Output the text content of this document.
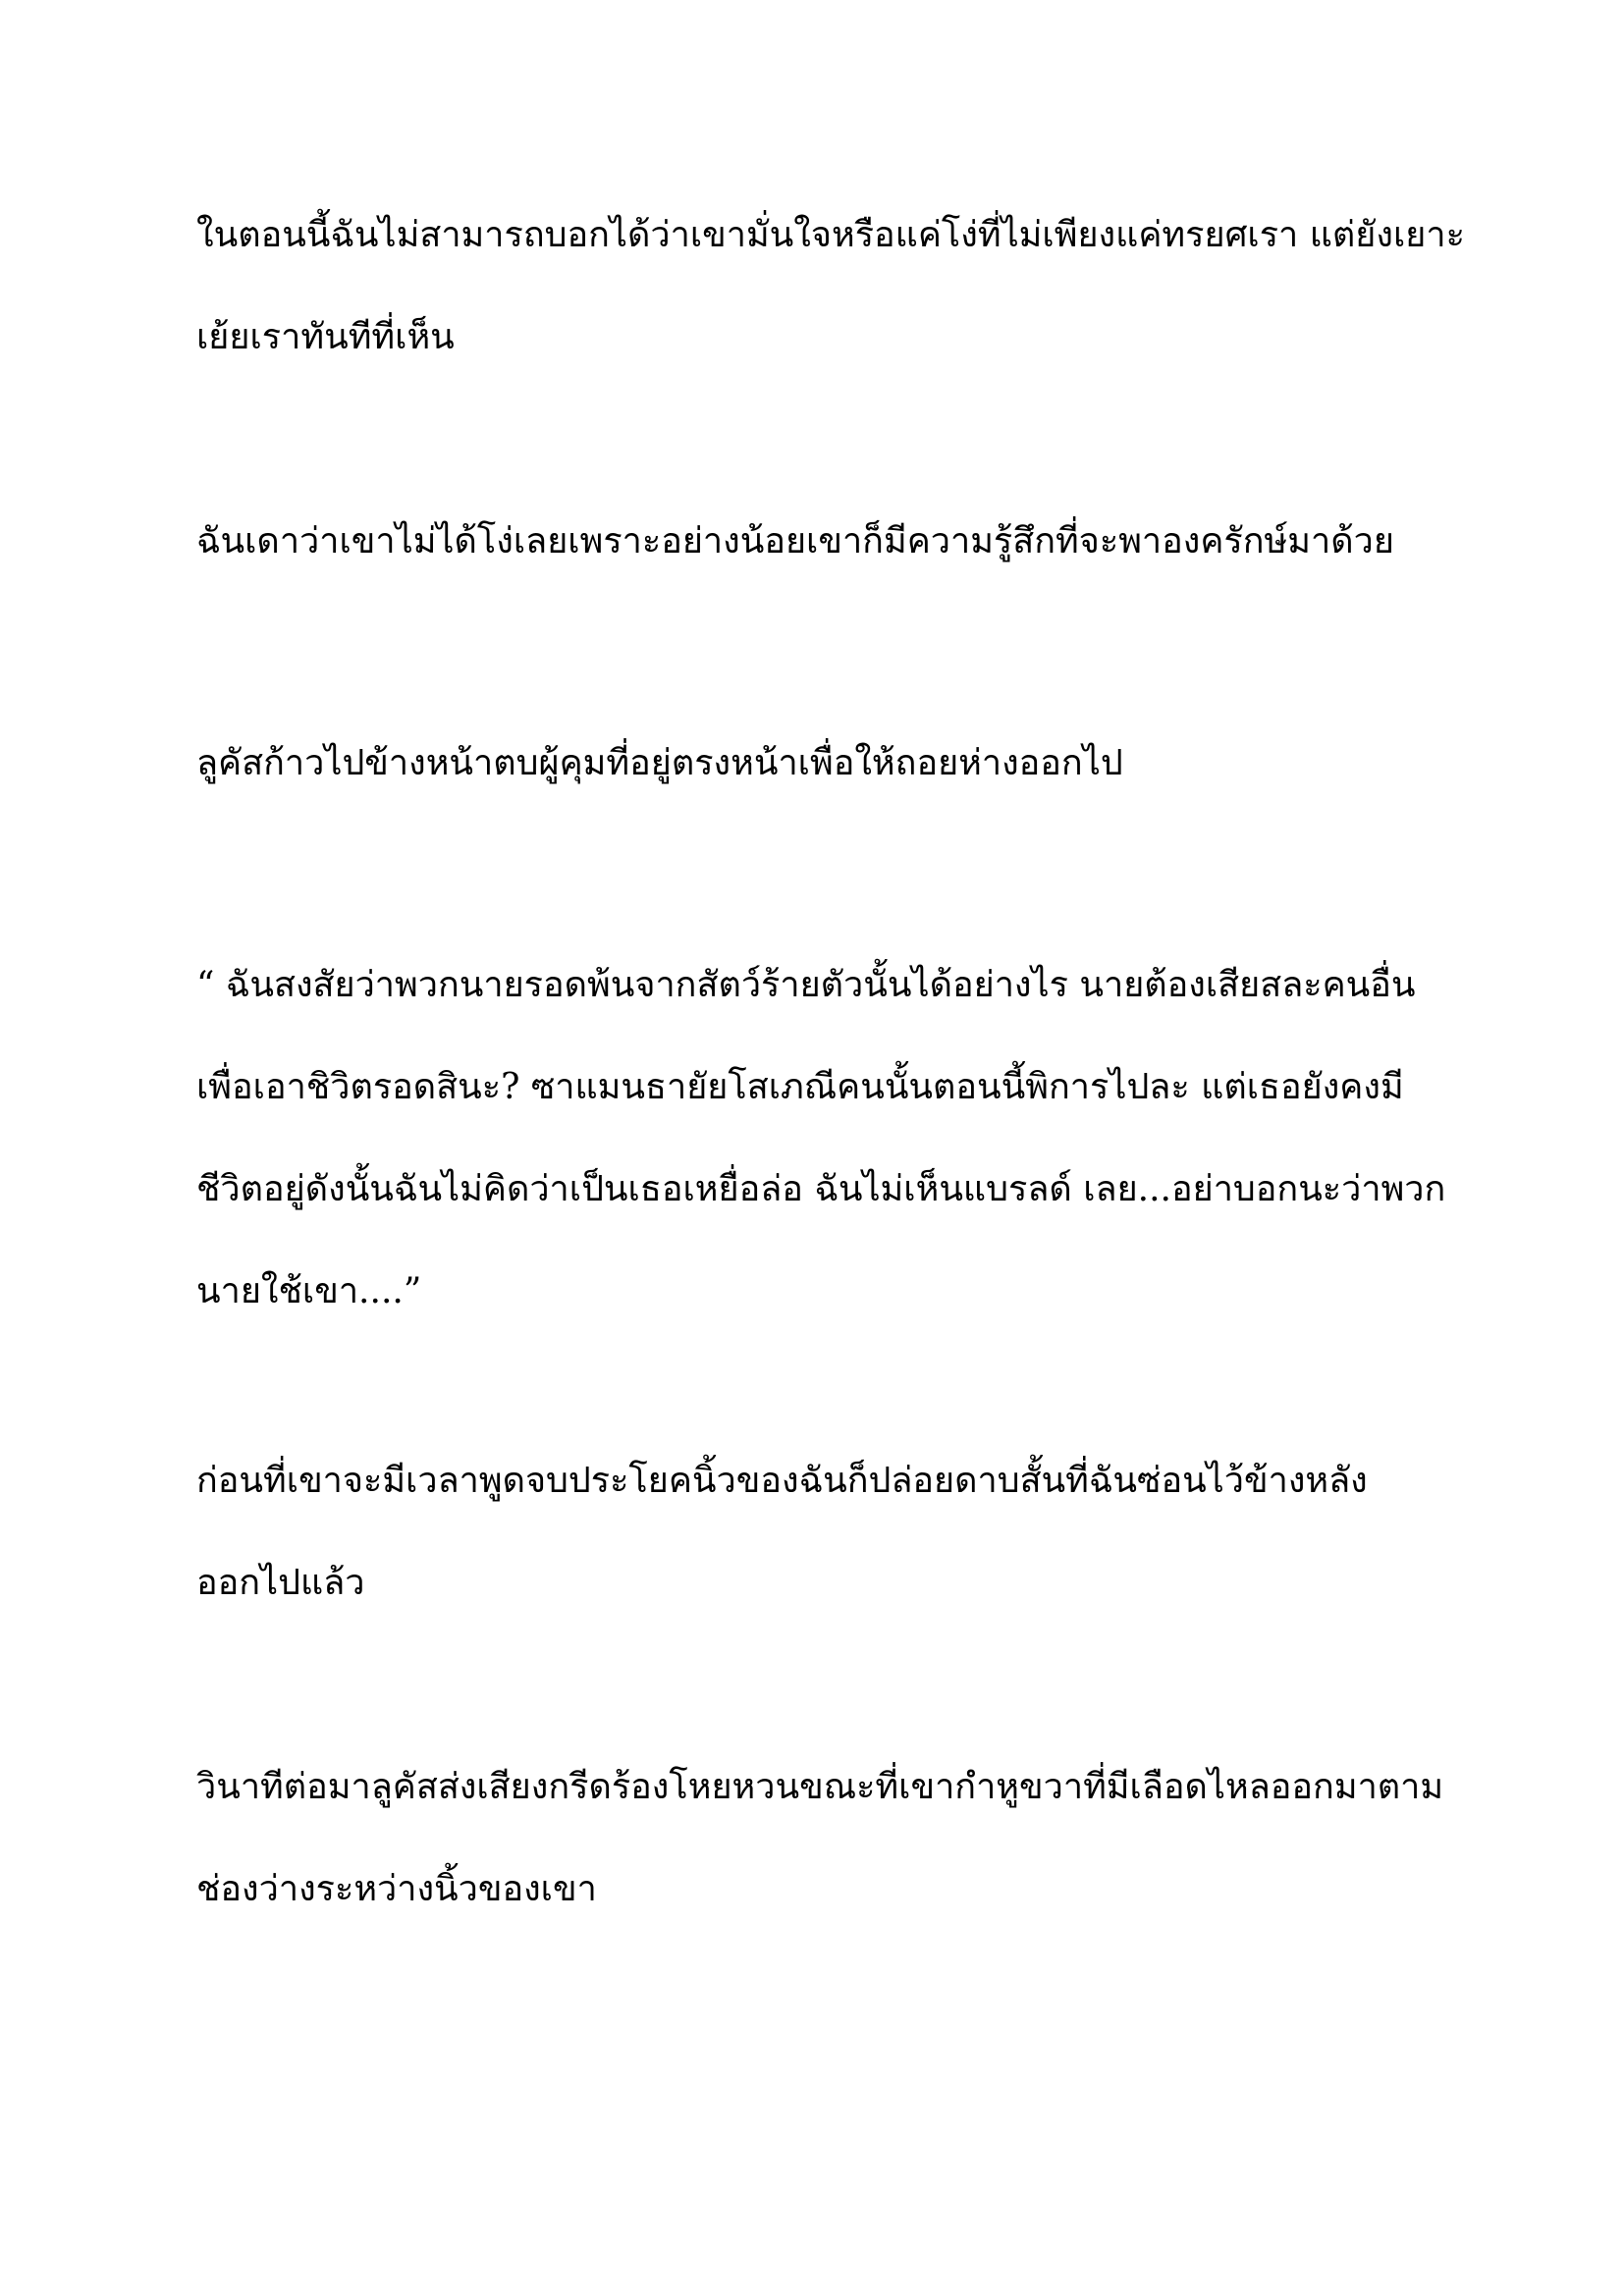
ในตอนนี้ฉันไม่สามารถบอกได้ว่าเขามั่นใจหรือแค่โง่ที่ไม่เพียงแค่ทรยศเรา แต่ยังเยาะ
เย้ยเราทันทีที่เห็น

ฉันเดาว่าเขาไม่ได้โง่เลยเพราะอย่างน้อยเขาก็มีความรู้สึกที่จะพาองครักษ์มาด้วย

ลูคัสก้าวไปข้างหน้าตบผู้คุมที่อยู่ตรงหน้าเพื่อให้ถอยห่างออกไป

“ ฉันสงสัยว่าพวกนายรอดพ้นจากสัตว์ร้ายตัวนั้นได้อย่างไร นายต้องเสียสละคนอื่น
เพื่อเอาชิวิตรอดสินะ? ซาแมนธายัยโสเภณีคนนั้นตอนนี้พิการไปละ แต่เธอยังคงมี
ชีวิตอยู่ดังนั้นฉันไม่คิดว่าเป็นเธอเหยื่อล่อ ฉันไม่เห็นแบรลด์ เลย...อย่าบอกนะว่าพวก
นายใช้เขา....”

ก่อนที่เขาจะมีเวลาพูดจบประโยคนิ้วของฉันก็ปล่อยดาบสั้นที่ฉันซ่อนไว้ข้างหลัง
ออกไปแล้ว

วินาทีต่อมาลูคัสส่งเสียงกรีดร้องโหยหวนขณะที่เขากำหูขวาที่มีเลือดไหลออกมาตาม
ช่องว่างระหว่างนิ้วของเขา
